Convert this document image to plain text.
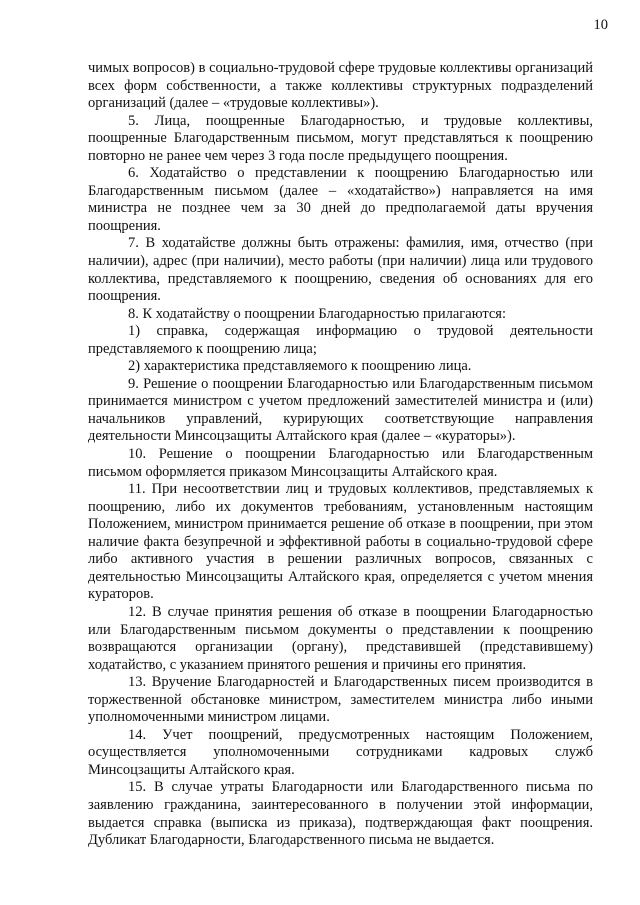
10

чимых вопросов) в социально-трудовой сфере трудовые коллективы организаций всех форм собственности, а также коллективы структурных подразделений организаций (далее – «трудовые коллективы»).

5. Лица, поощренные Благодарностью, и трудовые коллективы, поощренные Благодарственным письмом, могут представляться к поощрению повторно не ранее чем через 3 года после предыдущего поощрения.

6. Ходатайство о представлении к поощрению Благодарностью или Благодарственным письмом (далее – «ходатайство») направляется на имя министра не позднее чем за 30 дней до предполагаемой даты вручения поощрения.

7. В ходатайстве должны быть отражены: фамилия, имя, отчество (при наличии), адрес (при наличии), место работы (при наличии) лица или трудового коллектива, представляемого к поощрению, сведения об основаниях для его поощрения.

8. К ходатайству о поощрении Благодарностью прилагаются:

1) справка, содержащая информацию о трудовой деятельности представляемого к поощрению лица;

2) характеристика представляемого к поощрению лица.

9. Решение о поощрении Благодарностью или Благодарственным письмом принимается министром с учетом предложений заместителей министра и (или) начальников управлений, курирующих соответствующие направления деятельности Минсоцзащиты Алтайского края (далее – «кураторы»).

10. Решение о поощрении Благодарностью или Благодарственным письмом оформляется приказом Минсоцзащиты Алтайского края.

11. При несоответствии лиц и трудовых коллективов, представляемых к поощрению, либо их документов требованиям, установленным настоящим Положением, министром принимается решение об отказе в поощрении, при этом наличие факта безупречной и эффективной работы в социально-трудовой сфере либо активного участия в решении различных вопросов, связанных с деятельностью Минсоцзащиты Алтайского края, определяется с учетом мнения кураторов.

12. В случае принятия решения об отказе в поощрении Благодарностью или Благодарственным письмом документы о представлении к поощрению возвращаются организации (органу), представившей (представившему) ходатайство, с указанием принятого решения и причины его принятия.

13. Вручение Благодарностей и Благодарственных писем производится в торжественной обстановке министром, заместителем министра либо иными уполномоченными министром лицами.

14. Учет поощрений, предусмотренных настоящим Положением, осуществляется уполномоченными сотрудниками кадровых служб Минсоцзащиты Алтайского края.

15. В случае утраты Благодарности или Благодарственного письма по заявлению гражданина, заинтересованного в получении этой информации, выдается справка (выписка из приказа), подтверждающая факт поощрения. Дубликат Благодарности, Благодарственного письма не выдается.
